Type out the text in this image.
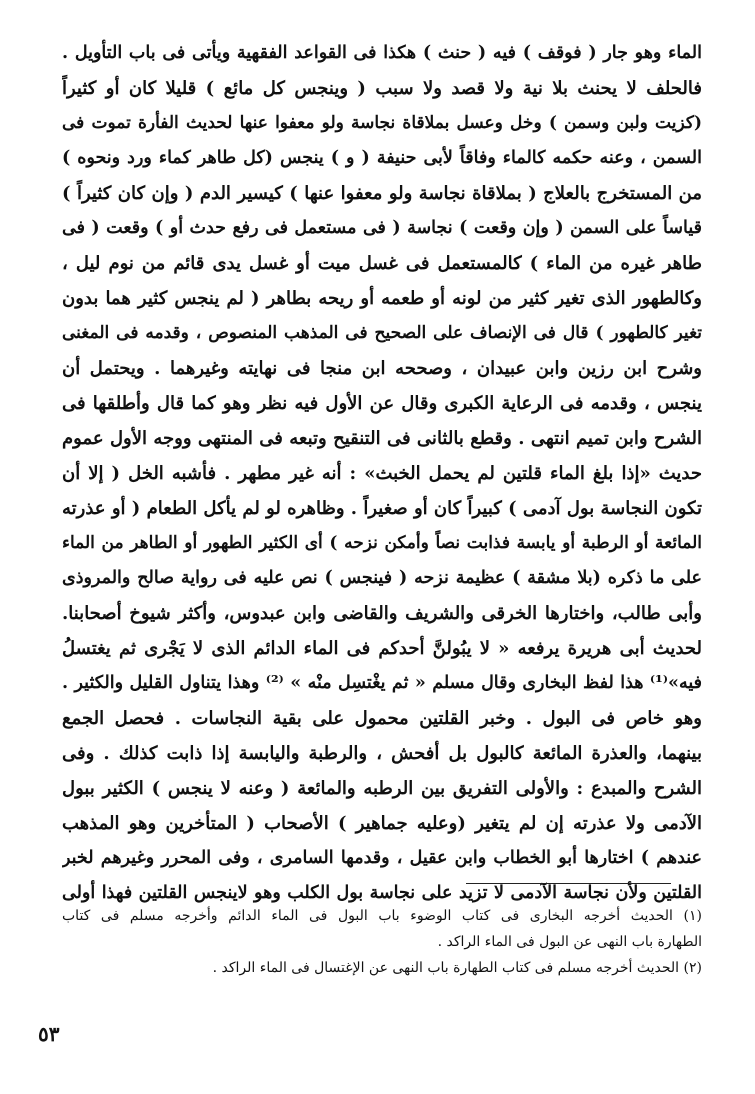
الماء وهو جار ( فوقف ) فيه ( حنث ) هكذا فى القواعد الفقهية ويأتى فى باب التأويل .
فالحلف لا يحنث بلا نية ولا قصد ولا سبب ( وينجس كل مائع ) قليلا كان أو كثيراً
(كزيت ولبن وسمن ) وخل وعسل بملاقاة نجاسة ولو معفوا عنها لحديث الفأرة تموت فى
السمن ، وعنه حكمه كالماء وفاقاً لأبى حنيفة ( و ) ينجس (كل طاهر كماء ورد ونحوه )
من المستخرج بالعلاج ( بملاقاة نجاسة ولو معفوا عنها ) كيسير الدم ( وإن كان كثيراً )
قياساً على السمن ( وإن وقعت ) نجاسة ( فى مستعمل فى رفع حدث أو ) وقعت ( فى
طاهر غيره من الماء ) كالمستعمل فى غسل ميت أو غسل يدى قائم من نوم ليل ،
وكالطهور الذى تغير كثير من لونه أو طعمه أو ريحه بطاهر ( لم ينجس كثير هما بدون
تغير كالطهور ) قال فى الإنصاف على الصحيح فى المذهب المنصوص ، وقدمه فى المغنى
وشرح ابن رزين وابن عبيدان ، وصححه ابن منجا فى نهايته وغيرهما . ويحتمل أن
ينجس ، وقدمه فى الرعاية الكبرى وقال عن الأول فيه نظر وهو كما قال وأطلقها فى
الشرح وابن تميم انتهى . وقطع بالثانى فى التنقيح وتبعه فى المنتهى ووجه الأول عموم
حديث «إذا بلغ الماء قلتين لم يحمل الخبث» : أنه غير مطهر . فأشبه الخل ( إلا أن
تكون النجاسة بول آدمى ) كبيراً كان أو صغيراً . وظاهره لو لم يأكل الطعام ( أو عذرته
المائعة أو الرطبة أو يابسة فذابت نصاً وأمكن نزحه ) أى الكثير الطهور أو الطاهر من الماء
على ما ذكره (بلا مشقة ) عظيمة نزحه ( فينجس ) نص عليه فى رواية صالح والمروذى
وأبى طالب، واختارها الخرقى والشريف والقاضى وابن عبدوس، وأكثر شيوخ أصحابنا.
لحديث أبى هريرة يرفعه « لا يبُولنَّ أحدكم فى الماء الدائم الذى لا يَجْرى ثم يغتسلُ
فيه»⁽¹⁾ هذا لفظ البخارى وقال مسلم « ثم يغْتسِل منْه » ⁽²⁾ وهذا يتناول القليل والكثير .
وهو خاص فى البول . وخبر القلتين محمول على بقية النجاسات . فحصل الجمع
بينهما، والعذرة المائعة كالبول بل أفحش ، والرطبة واليابسة إذا ذابت كذلك . وفى
الشرح والمبدع : والأولى التفريق بين الرطبه والمائعة ( وعنه لا ينجس ) الكثير ببول
الآدمى ولا عذرته إن لم يتغير (وعليه جماهير ) الأصحاب ( المتأخرين وهو المذهب
عندهم ) اختارها أبو الخطاب وابن عقيل ، وقدمها السامرى ، وفى المحرر وغيرهم لخبر
القلتين ولأن نجاسة الآدمى لا تزيد على نجاسة بول الكلب وهو لاينجس القلتين فهذا أولى
(١) الحديث أخرجه البخارى فى كتاب الوضوء باب البول فى الماء الدائم وأخرجه مسلم فى كتاب
الطهارة باب النهى عن البول فى الماء الراكد .
(٢) الحديث أخرجه مسلم فى كتاب الطهارة باب النهى عن الإغتسال فى الماء الراكد .
٥٣
